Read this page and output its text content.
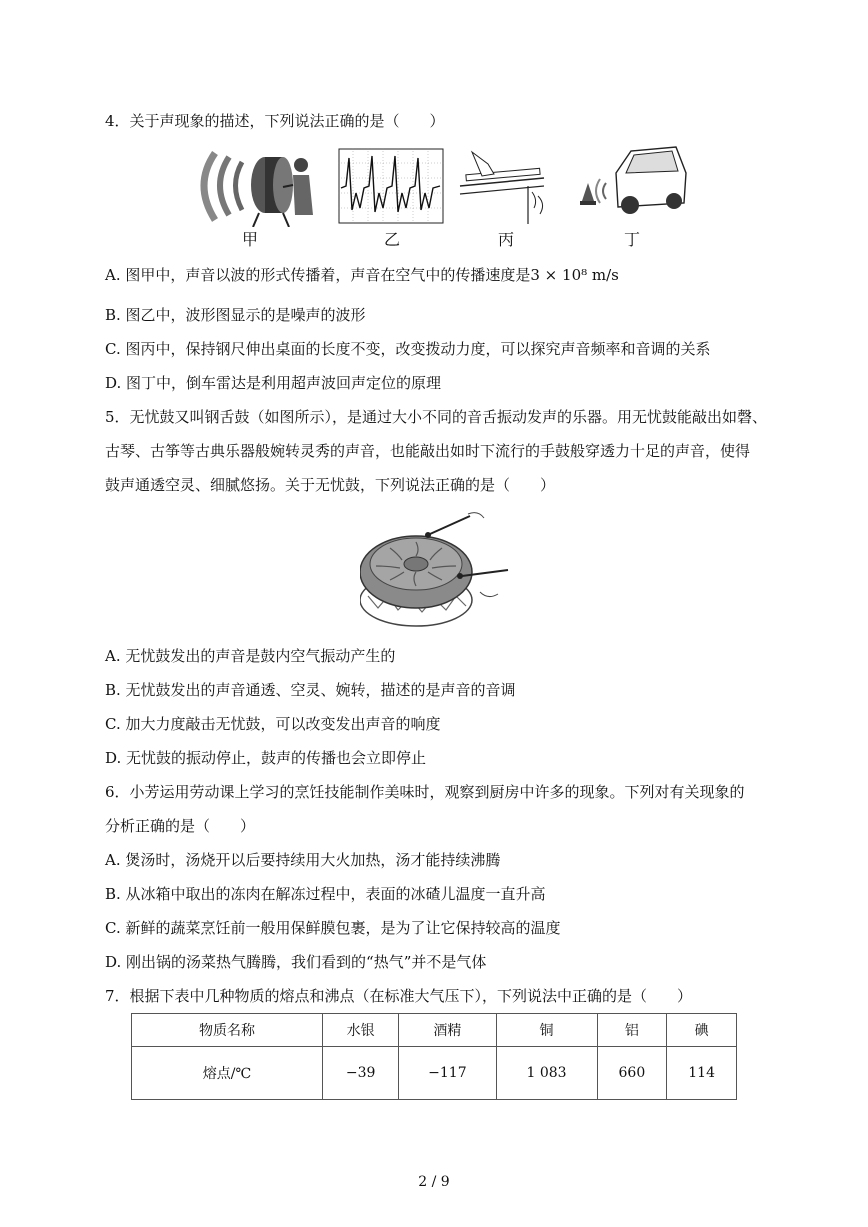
4．关于声现象的描述，下列说法正确的是（　　）
甲	乙	丙	丁
A. 图甲中，声音以波的形式传播着，声音在空气中的传播速度是3 × 10⁸ m/s
B. 图乙中，波形图显示的是噪声的波形
C. 图丙中，保持钢尺伸出桌面的长度不变，改变拨动力度，可以探究声音频率和音调的关系
D. 图丁中，倒车雷达是利用超声波回声定位的原理
5．无忧鼓又叫钢舌鼓（如图所示），是通过大小不同的音舌振动发声的乐器。用无忧鼓能敲出如磬、
古琴、古筝等古典乐器般婉转灵秀的声音，也能敲出如时下流行的手鼓般穿透力十足的声音，使得
鼓声通透空灵、细腻悠扬。关于无忧鼓，下列说法正确的是（　　）
A. 无忧鼓发出的声音是鼓内空气振动产生的
B. 无忧鼓发出的声音通透、空灵、婉转，描述的是声音的音调
C. 加大力度敲击无忧鼓，可以改变发出声音的响度
D. 无忧鼓的振动停止，鼓声的传播也会立即停止
6．小芳运用劳动课上学习的烹饪技能制作美味时，观察到厨房中许多的现象。下列对有关现象的
分析正确的是（　　）
A. 煲汤时，汤烧开以后要持续用大火加热，汤才能持续沸腾
B. 从冰箱中取出的冻肉在解冻过程中，表面的冰碴儿温度一直升高
C. 新鲜的蔬菜烹饪前一般用保鲜膜包裹，是为了让它保持较高的温度
D. 刚出锅的汤菜热气腾腾，我们看到的“热气”并不是气体
7．根据下表中几种物质的熔点和沸点（在标准大气压下），下列说法中正确的是（　　）
物质名称	水银	酒精	铜	铝	碘
熔点/℃	−39	−117	1 083	660	114
2 / 9
